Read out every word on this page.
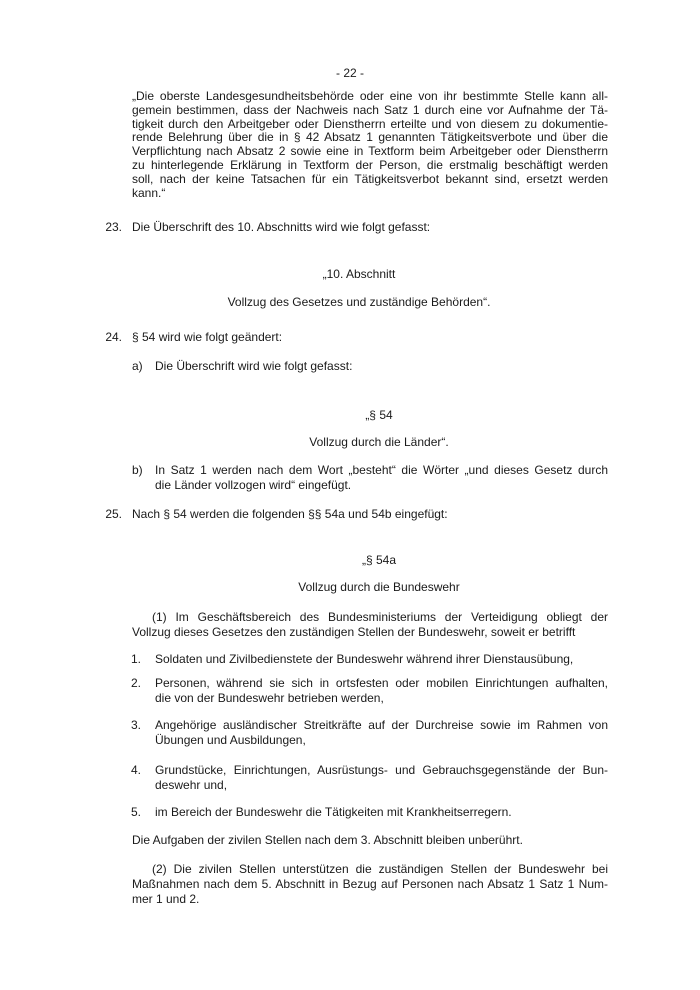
- 22 -
„Die oberste Landesgesundheitsbehörde oder eine von ihr bestimmte Stelle kann all-
gemein bestimmen, dass der Nachweis nach Satz 1 durch eine vor Aufnahme der Tä-
tigkeit durch den Arbeitgeber oder Dienstherrn erteilte und von diesem zu dokumentie-
rende Belehrung über die in § 42 Absatz 1 genannten Tätigkeitsverbote und über die
Verpflichtung nach Absatz 2 sowie eine in Textform beim Arbeitgeber oder Dienstherrn
zu hinterlegende Erklärung in Textform der Person, die erstmalig beschäftigt werden
soll, nach der keine Tatsachen für ein Tätigkeitsverbot bekannt sind, ersetzt werden
kann.“
23. Die Überschrift des 10. Abschnitts wird wie folgt gefasst:
„10. Abschnitt
Vollzug des Gesetzes und zuständige Behörden“.
24. § 54 wird wie folgt geändert:
a) Die Überschrift wird wie folgt gefasst:
„§ 54
Vollzug durch die Länder“.
b) In Satz 1 werden nach dem Wort „besteht“ die Wörter „und dieses Gesetz durch
die Länder vollzogen wird“ eingefügt.
25. Nach § 54 werden die folgenden §§ 54a und 54b eingefügt:
„§ 54a
Vollzug durch die Bundeswehr
(1) Im Geschäftsbereich des Bundesministeriums der Verteidigung obliegt der
Vollzug dieses Gesetzes den zuständigen Stellen der Bundeswehr, soweit er betrifft
1. Soldaten und Zivilbedienstete der Bundeswehr während ihrer Dienstausübung,
2. Personen, während sie sich in ortsfesten oder mobilen Einrichtungen aufhalten,
die von der Bundeswehr betrieben werden,
3. Angehörige ausländischer Streitkräfte auf der Durchreise sowie im Rahmen von
Übungen und Ausbildungen,
4. Grundstücke, Einrichtungen, Ausrüstungs- und Gebrauchsgegenstände der Bun-
deswehr und,
5. im Bereich der Bundeswehr die Tätigkeiten mit Krankheitserregern.
Die Aufgaben der zivilen Stellen nach dem 3. Abschnitt bleiben unberührt.
(2) Die zivilen Stellen unterstützen die zuständigen Stellen der Bundeswehr bei
Maßnahmen nach dem 5. Abschnitt in Bezug auf Personen nach Absatz 1 Satz 1 Num-
mer 1 und 2.
